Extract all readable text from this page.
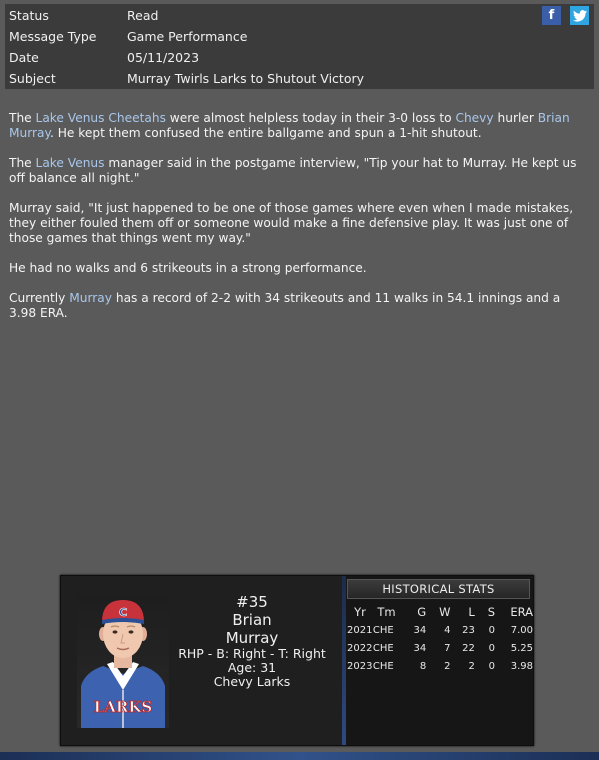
Status	Read
Message Type	Game Performance
Date	05/11/2023
Subject	Murray Twirls Larks to Shutout Victory
f

The Lake Venus Cheetahs were almost helpless today in their 3-0 loss to Chevy hurler Brian Murray. He kept them confused the entire ballgame and spun a 1-hit shutout.

The Lake Venus manager said in the postgame interview, "Tip your hat to Murray. He kept us off balance all night."

Murray said, "It just happened to be one of those games where even when I made mistakes, they either fouled them off or someone would make a fine defensive play. It was just one of those games that things went my way."

He had no walks and 6 strikeouts in a strong performance.

Currently Murray has a record of 2-2 with 34 strikeouts and 11 walks in 54.1 innings and a 3.98 ERA.

LARKS
C
#35
Brian
Murray
RHP - B: Right - T: Right
Age: 31
Chevy Larks
HISTORICAL STATS
Yr	Tm	G	W	L	S	ERA
2021	CHE	34	4	23	0	7.00
2022	CHE	34	7	22	0	5.25
2023	CHE	8	2	2	0	3.98
